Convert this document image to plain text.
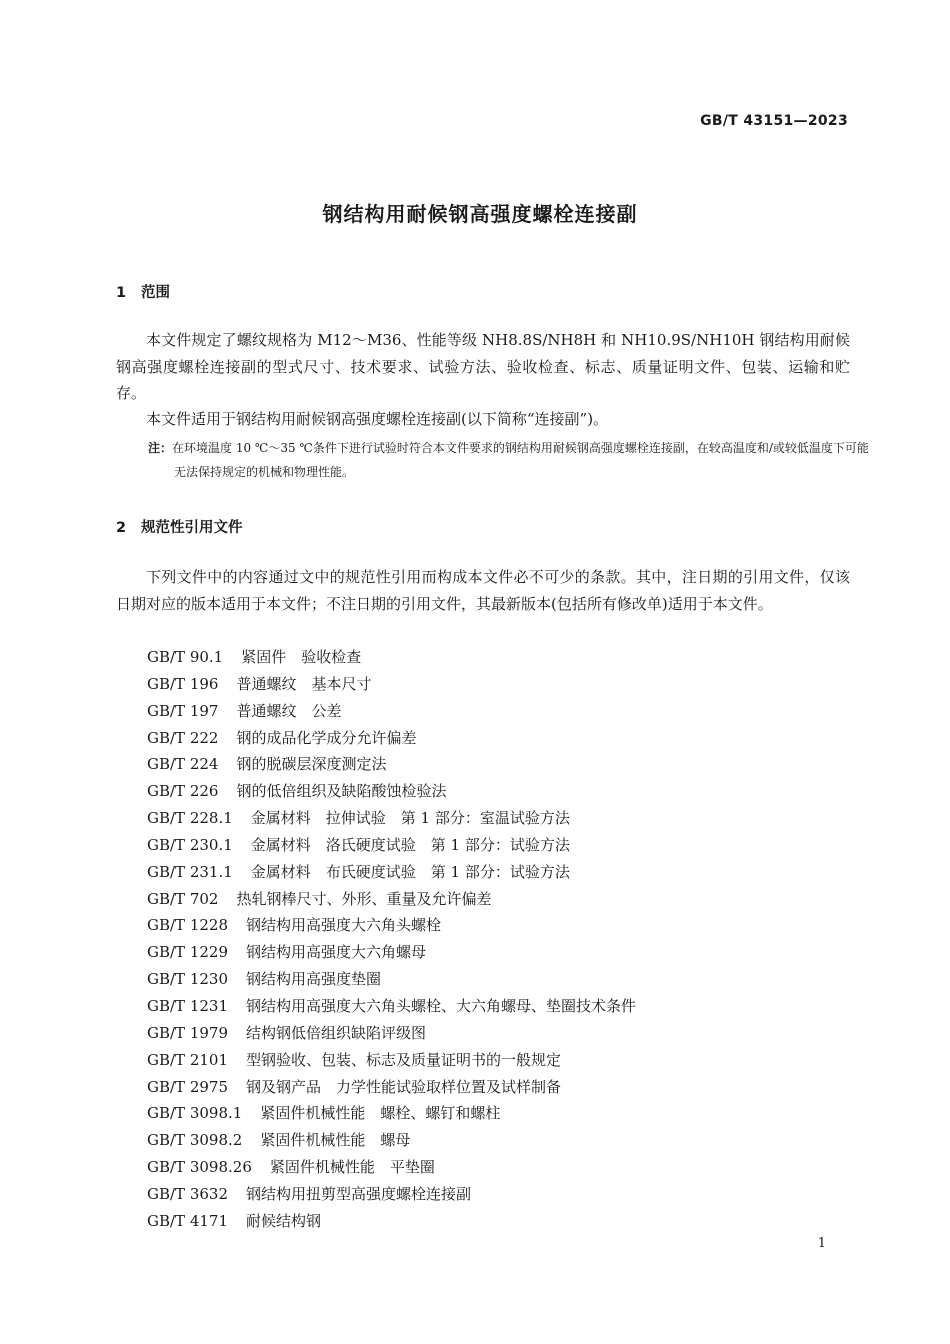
GB/T 43151—2023
钢结构用耐候钢高强度螺栓连接副
1 范围
本文件规定了螺纹规格为 M12～M36、性能等级 NH8.8S/NH8H 和 NH10.9S/NH10H 钢结构用耐候钢高强度螺栓连接副的型式尺寸、技术要求、试验方法、验收检查、标志、质量证明文件、包装、运输和贮存。
本文件适用于钢结构用耐候钢高强度螺栓连接副(以下简称“连接副”)。
注：在环境温度 10 ℃～35 ℃条件下进行试验时符合本文件要求的钢结构用耐候钢高强度螺栓连接副，在较高温度和/或较低温度下可能无法保持规定的机械和物理性能。
2 规范性引用文件
下列文件中的内容通过文中的规范性引用而构成本文件必不可少的条款。其中，注日期的引用文件，仅该日期对应的版本适用于本文件；不注日期的引用文件，其最新版本(包括所有修改单)适用于本文件。
GB/T 90.1 紧固件　验收检查
GB/T 196 普通螺纹　基本尺寸
GB/T 197 普通螺纹　公差
GB/T 222 钢的成品化学成分允许偏差
GB/T 224 钢的脱碳层深度测定法
GB/T 226 钢的低倍组织及缺陷酸蚀检验法
GB/T 228.1 金属材料　拉伸试验　第 1 部分：室温试验方法
GB/T 230.1 金属材料　洛氏硬度试验　第 1 部分：试验方法
GB/T 231.1 金属材料　布氏硬度试验　第 1 部分：试验方法
GB/T 702 热轧钢棒尺寸、外形、重量及允许偏差
GB/T 1228 钢结构用高强度大六角头螺栓
GB/T 1229 钢结构用高强度大六角螺母
GB/T 1230 钢结构用高强度垫圈
GB/T 1231 钢结构用高强度大六角头螺栓、大六角螺母、垫圈技术条件
GB/T 1979 结构钢低倍组织缺陷评级图
GB/T 2101 型钢验收、包装、标志及质量证明书的一般规定
GB/T 2975 钢及钢产品　力学性能试验取样位置及试样制备
GB/T 3098.1 紧固件机械性能　螺栓、螺钉和螺柱
GB/T 3098.2 紧固件机械性能　螺母
GB/T 3098.26 紧固件机械性能　平垫圈
GB/T 3632 钢结构用扭剪型高强度螺栓连接副
GB/T 4171 耐候结构钢
1
